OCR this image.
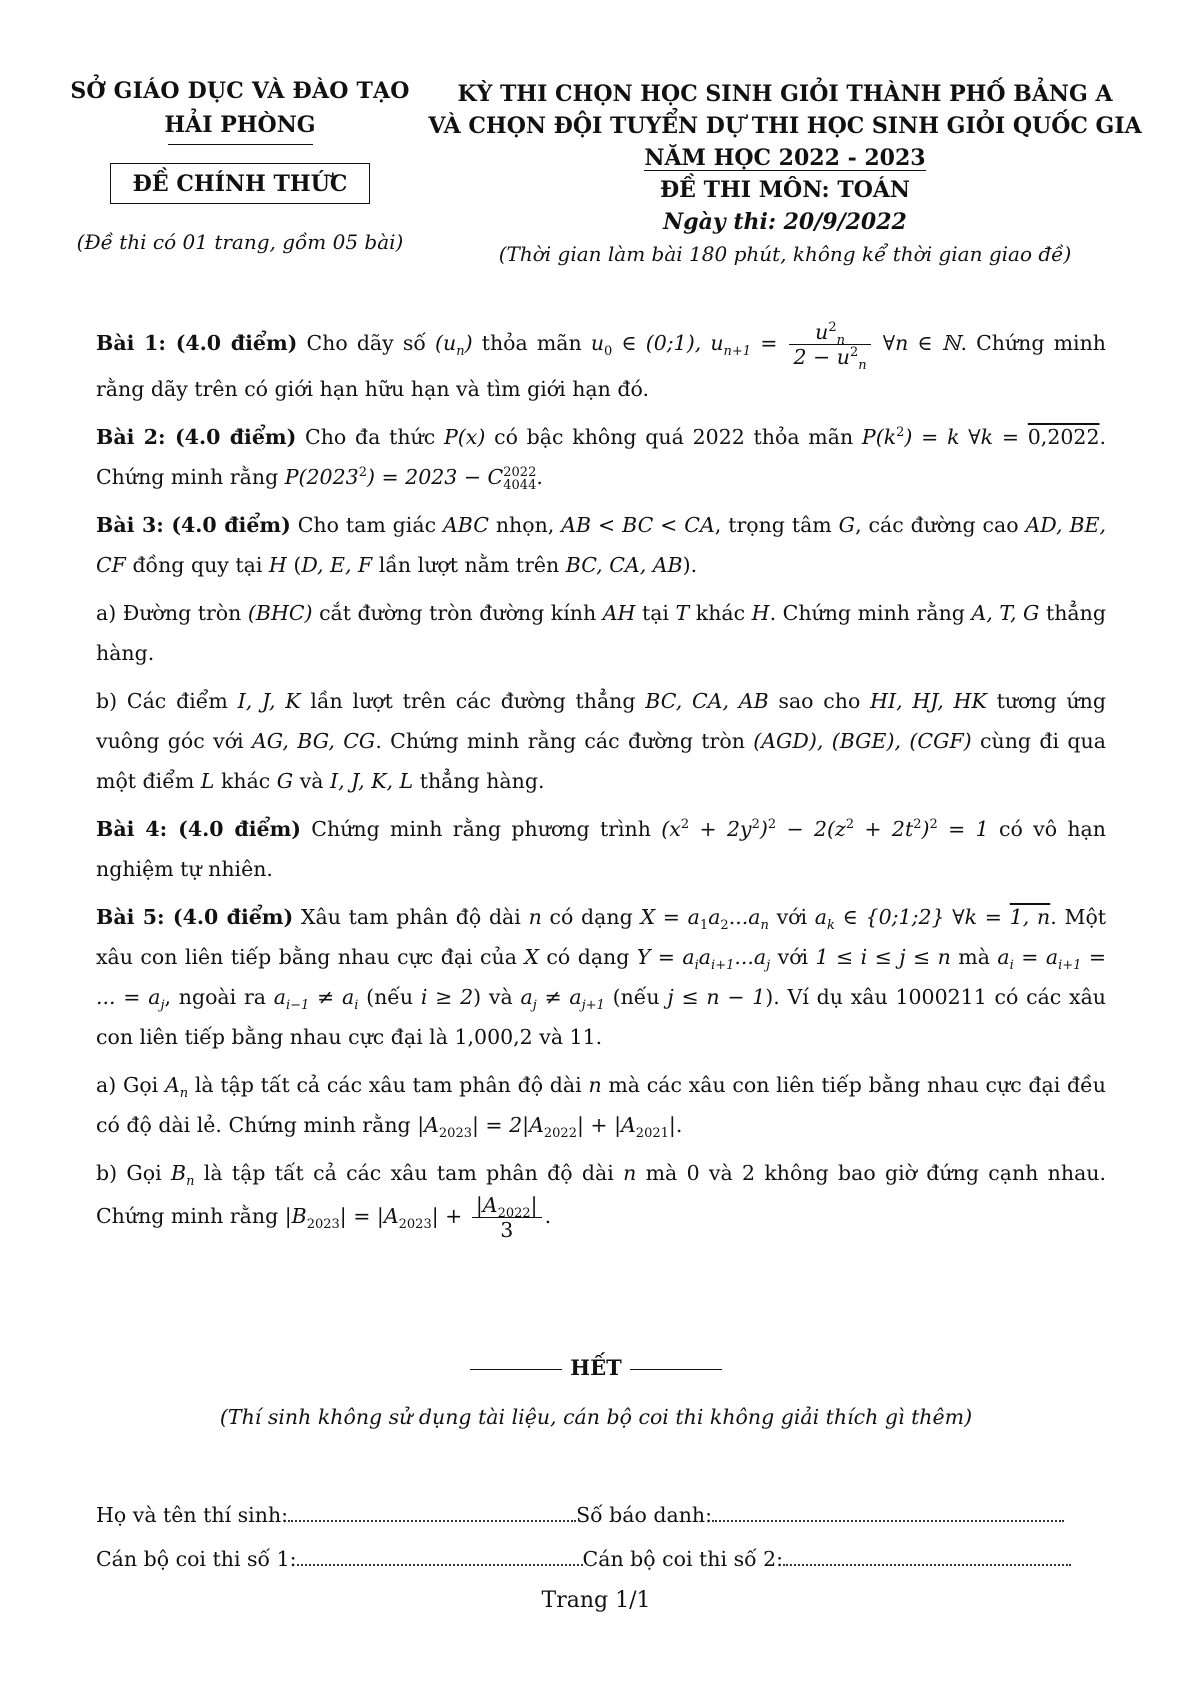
SỞ GIÁO DỤC VÀ ĐÀO TẠO
HẢI PHÒNG
ĐỀ CHÍNH THỨC
(Đề thi có 01 trang, gồm 05 bài)
KỲ THI CHỌN HỌC SINH GIỎI THÀNH PHỐ BẢNG A
VÀ CHỌN ĐỘI TUYỂN DỰ THI HỌC SINH GIỎI QUỐC GIA
NĂM HỌC 2022 - 2023
ĐỀ THI MÔN: TOÁN
Ngày thi: 20/9/2022
(Thời gian làm bài 180 phút, không kể thời gian giao đề)

Bài 1: (4.0 điểm) Cho dãy số $(u_n)$ thỏa mãn $u_0$ ∈ (0;1), $u_{n+1} = \frac{u^2_n}{2 - u^2_n}$ ∀n ∈ ℕ. Chứng minh rằng dãy trên có giới hạn hữu hạn và tìm giới hạn đó.

Bài 2: (4.0 điểm) Cho đa thức P(x) có bậc không quá 2022 thỏa mãn $P(k^2) = k$ ∀k = 0,2022. Chứng minh rằng $P(2023^2) = 2023 - C$ 2022
4044 .

Bài 3: (4.0 điểm) Cho tam giác ABC nhọn, AB < BC < CA, trọng tâm G, các đường cao AD, BE, CF đồng quy tại H (D, E, F lần lượt nằm trên BC, CA, AB).

a) Đường tròn (BHC) cắt đường tròn đường kính AH tại T khác H. Chứng minh rằng A, T, G thẳng hàng.

b) Các điểm I, J, K lần lượt trên các đường thẳng BC, CA, AB sao cho HI, HJ, HK tương ứng vuông góc với AG, BG, CG. Chứng minh rằng các đường tròn (AGD), (BGE), (CGF) cùng đi qua một điểm L khác G và I, J, K, L thẳng hàng.

Bài 4: (4.0 điểm) Chứng minh rằng phương trình $(x^2 + 2y^2)^2 - 2(z^2 + 2t^2)^2 = 1$ có vô hạn nghiệm tự nhiên.

Bài 5: (4.0 điểm) Xâu tam phân độ dài n có dạng $X = a_1a_2...a_n$ với $a_k$ ∈ {0;1;2} ∀k = 1, n. Một xâu con liên tiếp bằng nhau cực đại của X có dạng $Y = a_ia_{i+1}...a_j$ với 1 ≤ i ≤ j ≤ n mà $a_i = a_{i+1}$ = ... = $a_j$, ngoài ra $a_{i-1} \ne a_i$ (nếu i ≥ 2) và $a_j \ne a_{j+1}$ (nếu j ≤ n − 1). Ví dụ xâu 1000211 có các xâu con liên tiếp bằng nhau cực đại là 1,000,2 và 11.

a) Gọi $A_n$ là tập tất cả các xâu tam phân độ dài n mà các xâu con liên tiếp bằng nhau cực đại đều có độ dài lẻ. Chứng minh rằng $|A_{2023}| = 2|A_{2022}| + |A_{2021}|$.

b) Gọi $B_n$ là tập tất cả các xâu tam phân độ dài n mà 0 và 2 không bao giờ đứng cạnh nhau. Chứng minh rằng $|B_{2023}| = |A_{2023}| + \frac{|A_{2022}|}{3}$ .

HẾT
(Thí sinh không sử dụng tài liệu, cán bộ coi thi không giải thích gì thêm)
Họ và tên thí sinh:	Số báo danh:
Cán bộ coi thi số 1:	Cán bộ coi thi số 2:
Trang 1/1
